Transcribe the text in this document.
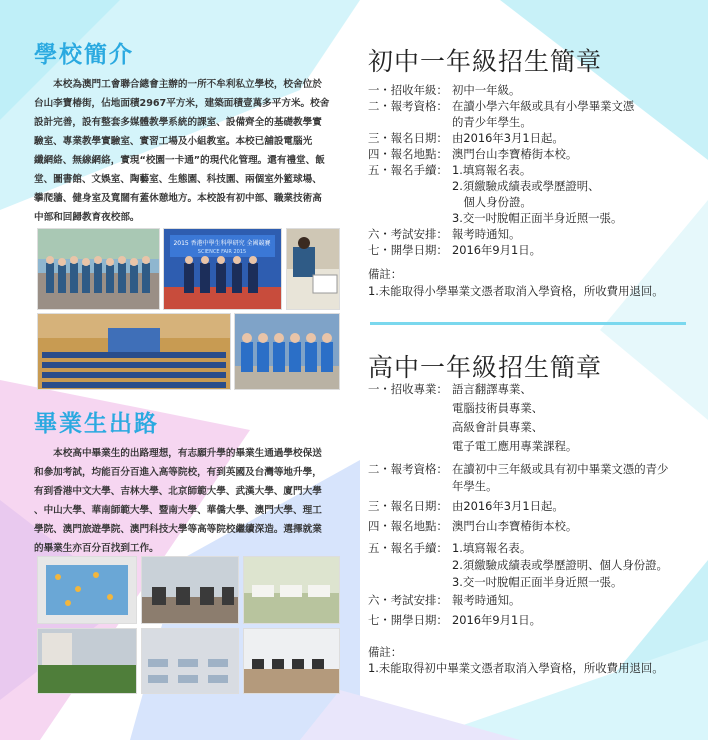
學校簡介

　　本校為澳門工會聯合總會主辦的一所不牟利私立學校，校舍位於

台山李寶椿街，佔地面積2967平方米，建築面積壹萬多平方米。校舍

設計完善，設有整套多媒體教學系統的課室、設備齊全的基礎教學實

驗室、專業教學實驗室、實習工場及小組教室。本校已舖設電腦光

纖網絡、無線網絡，實現“校園一卡通”的現代化管理。還有禮堂、飯

堂、圖書館、文娛室、陶藝室、生態園、科技園、兩個室外籃球場、

攀爬牆、健身室及寬闊有蓋休憩地方。本校設有初中部、職業技術高

中部和回歸教育夜校部。

2015 香港中學生科學研究 全國競賽
SCIENCE FAIR 2015
畢業生出路

　　本校高中畢業生的出路理想，有志願升學的畢業生通過學校保送

和參加考試，均能百分百進入高等院校，有到英國及台灣等地升學，

有到香港中文大學、吉林大學、北京師範大學、武漢大學、廈門大學

、中山大學、華南師範大學、暨南大學、華僑大學、澳門大學、理工

學院、澳門旅遊學院、澳門科技大學等高等院校繼續深造。選擇就業

的畢業生亦百分百找到工作。

初中一年級招生簡章
一・招收年級： 初中一年級。
二・報考資格： 在讀小學六年級或具有小學畢業文憑
的青少年學生。
三・報名日期： 由2016年3月1日起。
四・報名地點： 澳門台山李寶椿街本校。
五・報名手續： 1.填寫報名表。
2.須繳驗成績表或學歷證明、
　個人身份證。
3.交一吋脫帽正面半身近照一張。
六・考試安排： 報考時通知。
七・開學日期： 2016年9月1日。
備註：
1.未能取得小學畢業文憑者取消入學資格，所收費用退回。
高中一年級招生簡章
一・招收專業： 語言翻譯專業、
電腦技術員專業、
高級會計員專業、
電子電工應用專業課程。
二・報考資格： 在讀初中三年級或具有初中畢業文憑的青少
年學生。
三・報名日期： 由2016年3月1日起。
四・報名地點： 澳門台山李寶椿街本校。
五・報名手續： 1.填寫報名表。
2.須繳驗成績表或學歷證明、個人身份證。
3.交一吋脫帽正面半身近照一張。
六・考試安排： 報考時通知。
七・開學日期： 2016年9月1日。
備註：
1.未能取得初中畢業文憑者取消入學資格，所收費用退回。
